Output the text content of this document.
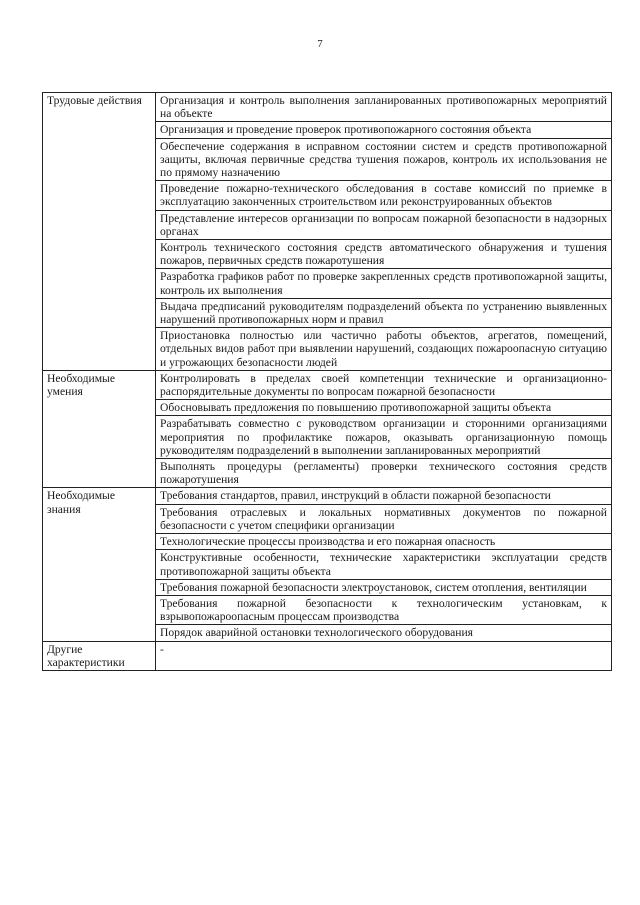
7
Трудовые действия	Организация и контроль выполнения запланированных противопожарных мероприятий на объекте
	Организация и проведение проверок противопожарного состояния объекта
	Обеспечение содержания в исправном состоянии систем и средств противопожарной защиты, включая первичные средства тушения пожаров, контроль их использования не по прямому назначению
	Проведение пожарно-технического обследования в составе комиссий по приемке в эксплуатацию законченных строительством или реконструированных объектов
	Представление интересов организации по вопросам пожарной безопасности в надзорных органах
	Контроль технического состояния средств автоматического обнаружения и тушения пожаров, первичных средств пожаротушения
	Разработка графиков работ по проверке закрепленных средств противопожарной защиты, контроль их выполнения
	Выдача предписаний руководителям подразделений объекта по устранению выявленных нарушений противопожарных норм и правил
	Приостановка полностью или частично работы объектов, агрегатов, помещений, отдельных видов работ при выявлении нарушений, создающих пожароопасную ситуацию и угрожающих безопасности людей
Необходимые умения	Контролировать в пределах своей компетенции технические и организационно-распорядительные документы по вопросам пожарной безопасности
	Обосновывать предложения по повышению противопожарной защиты объекта
	Разрабатывать совместно с руководством организации и сторонними организациями мероприятия по профилактике пожаров, оказывать организационную помощь руководителям подразделений в выполнении запланированных мероприятий
	Выполнять процедуры (регламенты) проверки технического состояния средств пожаротушения
Необходимые знания	Требования стандартов, правил, инструкций в области пожарной безопасности
	Требования отраслевых и локальных нормативных документов по пожарной безопасности с учетом специфики организации
	Технологические процессы производства и его пожарная опасность
	Конструктивные особенности, технические характеристики эксплуатации средств противопожарной защиты объекта
	Требования пожарной безопасности электроустановок, систем отопления, вентиляции
	Требования пожарной безопасности к технологическим установкам, к взрывопожароопасным процессам производства
	Порядок аварийной остановки технологического оборудования
Другие характеристики	-
